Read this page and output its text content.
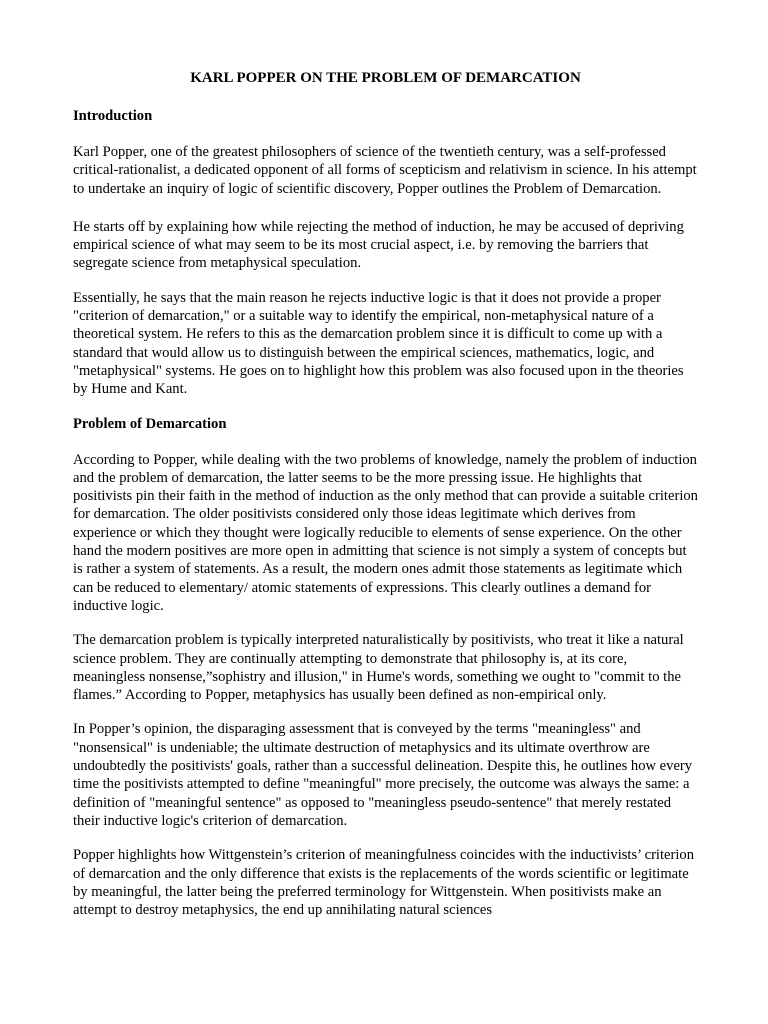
KARL POPPER ON THE PROBLEM OF DEMARCATION
Introduction

Karl Popper, one of the greatest philosophers of science of the twentieth century, was a self-professed critical-rationalist, a dedicated opponent of all forms of scepticism and relativism in science. In his attempt to undertake an inquiry of logic of scientific discovery, Popper outlines the Problem of Demarcation.

He starts off by explaining how while rejecting the method of induction, he may be accused of depriving empirical science of what may seem to be its most crucial aspect, i.e. by removing the barriers that segregate science from metaphysical speculation.

Essentially, he says that the main reason he rejects inductive logic is that it does not provide a proper "criterion of demarcation," or a suitable way to identify the empirical, non-metaphysical nature of a theoretical system. He refers to this as the demarcation problem since it is difficult to come up with a standard that would allow us to distinguish between the empirical sciences, mathematics, logic, and "metaphysical" systems. He goes on to highlight how this problem was also focused upon in the theories by Hume and Kant.

Problem of Demarcation

According to Popper, while dealing with the two problems of knowledge, namely the problem of induction and the problem of demarcation, the latter seems to be the more pressing issue. He highlights that positivists pin their faith in the method of induction as the only method that can provide a suitable criterion for demarcation. The older positivists considered only those ideas legitimate which derives from experience or which they thought were logically reducible to elements of sense experience. On the other hand the modern positives are more open in admitting that science is not simply a system of concepts but is rather a system of statements. As a result, the modern ones admit those statements as legitimate which can be reduced to elementary/ atomic statements of expressions. This clearly outlines a demand for inductive logic.

The demarcation problem is typically interpreted naturalistically by positivists, who treat it like a natural science problem. They are continually attempting to demonstrate that philosophy is, at its core, meaningless nonsense,”sophistry and illusion," in Hume's words, something we ought to "commit to the flames.” According to Popper, metaphysics has usually been defined as non-empirical only.

In Popper’s opinion, the disparaging assessment that is conveyed by the terms "meaningless" and "nonsensical" is undeniable; the ultimate destruction of metaphysics and its ultimate overthrow are undoubtedly the positivists' goals, rather than a successful delineation. Despite this, he outlines how every time the positivists attempted to define "meaningful" more precisely, the outcome was always the same: a definition of "meaningful sentence" as opposed to "meaningless pseudo-sentence" that merely restated their inductive logic's criterion of demarcation.

Popper highlights how Wittgenstein’s criterion of meaningfulness coincides with the inductivists’ criterion of demarcation and the only difference that exists is the replacements of the words scientific or legitimate by meaningful, the latter being the preferred terminology for Wittgenstein. When positivists make an attempt to destroy metaphysics, the end up annihilating natural sciences
